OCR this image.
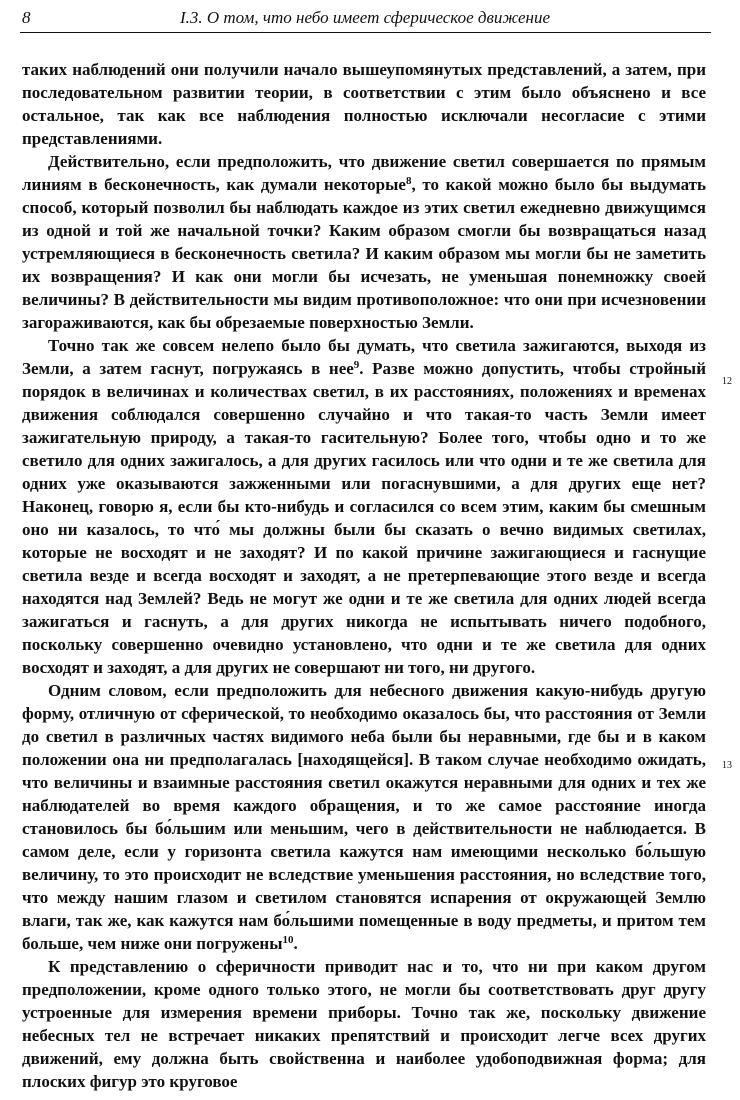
8	I.3. О том, что небо имеет сферическое движение

таких наблюдений они получили начало вышеупомянутых представлений, а затем, при последовательном развитии теории, в соответствии с этим было объяснено и все остальное, так как все наблюдения полностью исключали несогласие с этими представлениями.

Действительно, если предположить, что движение светил совершается по прямым линиям в бесконечность, как думали некоторые$^8$, то какой можно было бы выдумать способ, который позволил бы наблюдать каждое из этих светил ежедневно движущимся из одной и той же начальной точки? Каким образом смогли бы возвращаться назад устремляющиеся в бесконечность светила? И каким образом мы могли бы не заметить их возвращения? И как они могли бы исчезать, не уменьшая понемножку своей величины? В действительности мы видим противоположное: что они при исчезновении загораживаются, как бы обрезаемые поверхностью Земли.

Точно так же совсем нелепо было бы думать, что светила зажигаются, выходя из Земли, а затем гаснут, погружаясь в нее$^9$. Разве можно допустить, чтобы стройный порядок в величинах и количествах светил, в их расстояниях, положениях и временах движения соблюдался совершенно случайно и что такая-то часть Земли имеет зажигательную природу, а такая-то гасительную? Более того, чтобы одно и то же светило для одних зажигалось, а для других гасилось или что одни и те же светила для одних уже оказываются зажженными или погаснувшими, а для других еще нет? Наконец, говорю я, если бы кто-нибудь и согласился со всем этим, каким бы смешным оно ни казалось, то что́ мы должны были бы сказать о вечно видимых светилах, которые не восходят и не заходят? И по какой причине зажигающиеся и гаснущие светила везде и всегда восходят и заходят, а не претерпевающие этого везде и всегда находятся над Землей? Ведь не могут же одни и те же светила для одних людей всегда зажигаться и гаснуть, а для других никогда не испытывать ничего подобного, поскольку совершенно очевидно установлено, что одни и те же светила для одних восходят и заходят, а для других не совершают ни того, ни другого.

Одним словом, если предположить для небесного движения какую-нибудь другую форму, отличную от сферической, то необходимо оказалось бы, что расстояния от Земли до светил в различных частях видимого неба были бы неравными, где бы и в каком положении она ни предполагалась [находящейся]. В таком случае необходимо ожидать, что величины и взаимные расстояния светил окажутся неравными для одних и тех же наблюдателей во время каждого обращения, и то же самое расстояние иногда становилось бы бо́льшим или меньшим, чего в действительности не наблюдается. В самом деле, если у горизонта светила кажутся нам имеющими несколько бо́льшую величину, то это происходит не вследствие уменьшения расстояния, но вследствие того, что между нашим глазом и светилом становятся испарения от окружающей Землю влаги, так же, как кажутся нам бо́льшими помещенные в воду предметы, и притом тем больше, чем ниже они погружены$^{10}$.

К представлению о сферичности приводит нас и то, что ни при каком другом предположении, кроме одного только этого, не могли бы соответствовать друг другу устроенные для измерения времени приборы. Точно так же, поскольку движение небесных тел не встречает никаких препятствий и происходит легче всех других движений, ему должна быть свойственна и наиболее удобоподвижная форма; для плоских фигур это круговое

12
13
